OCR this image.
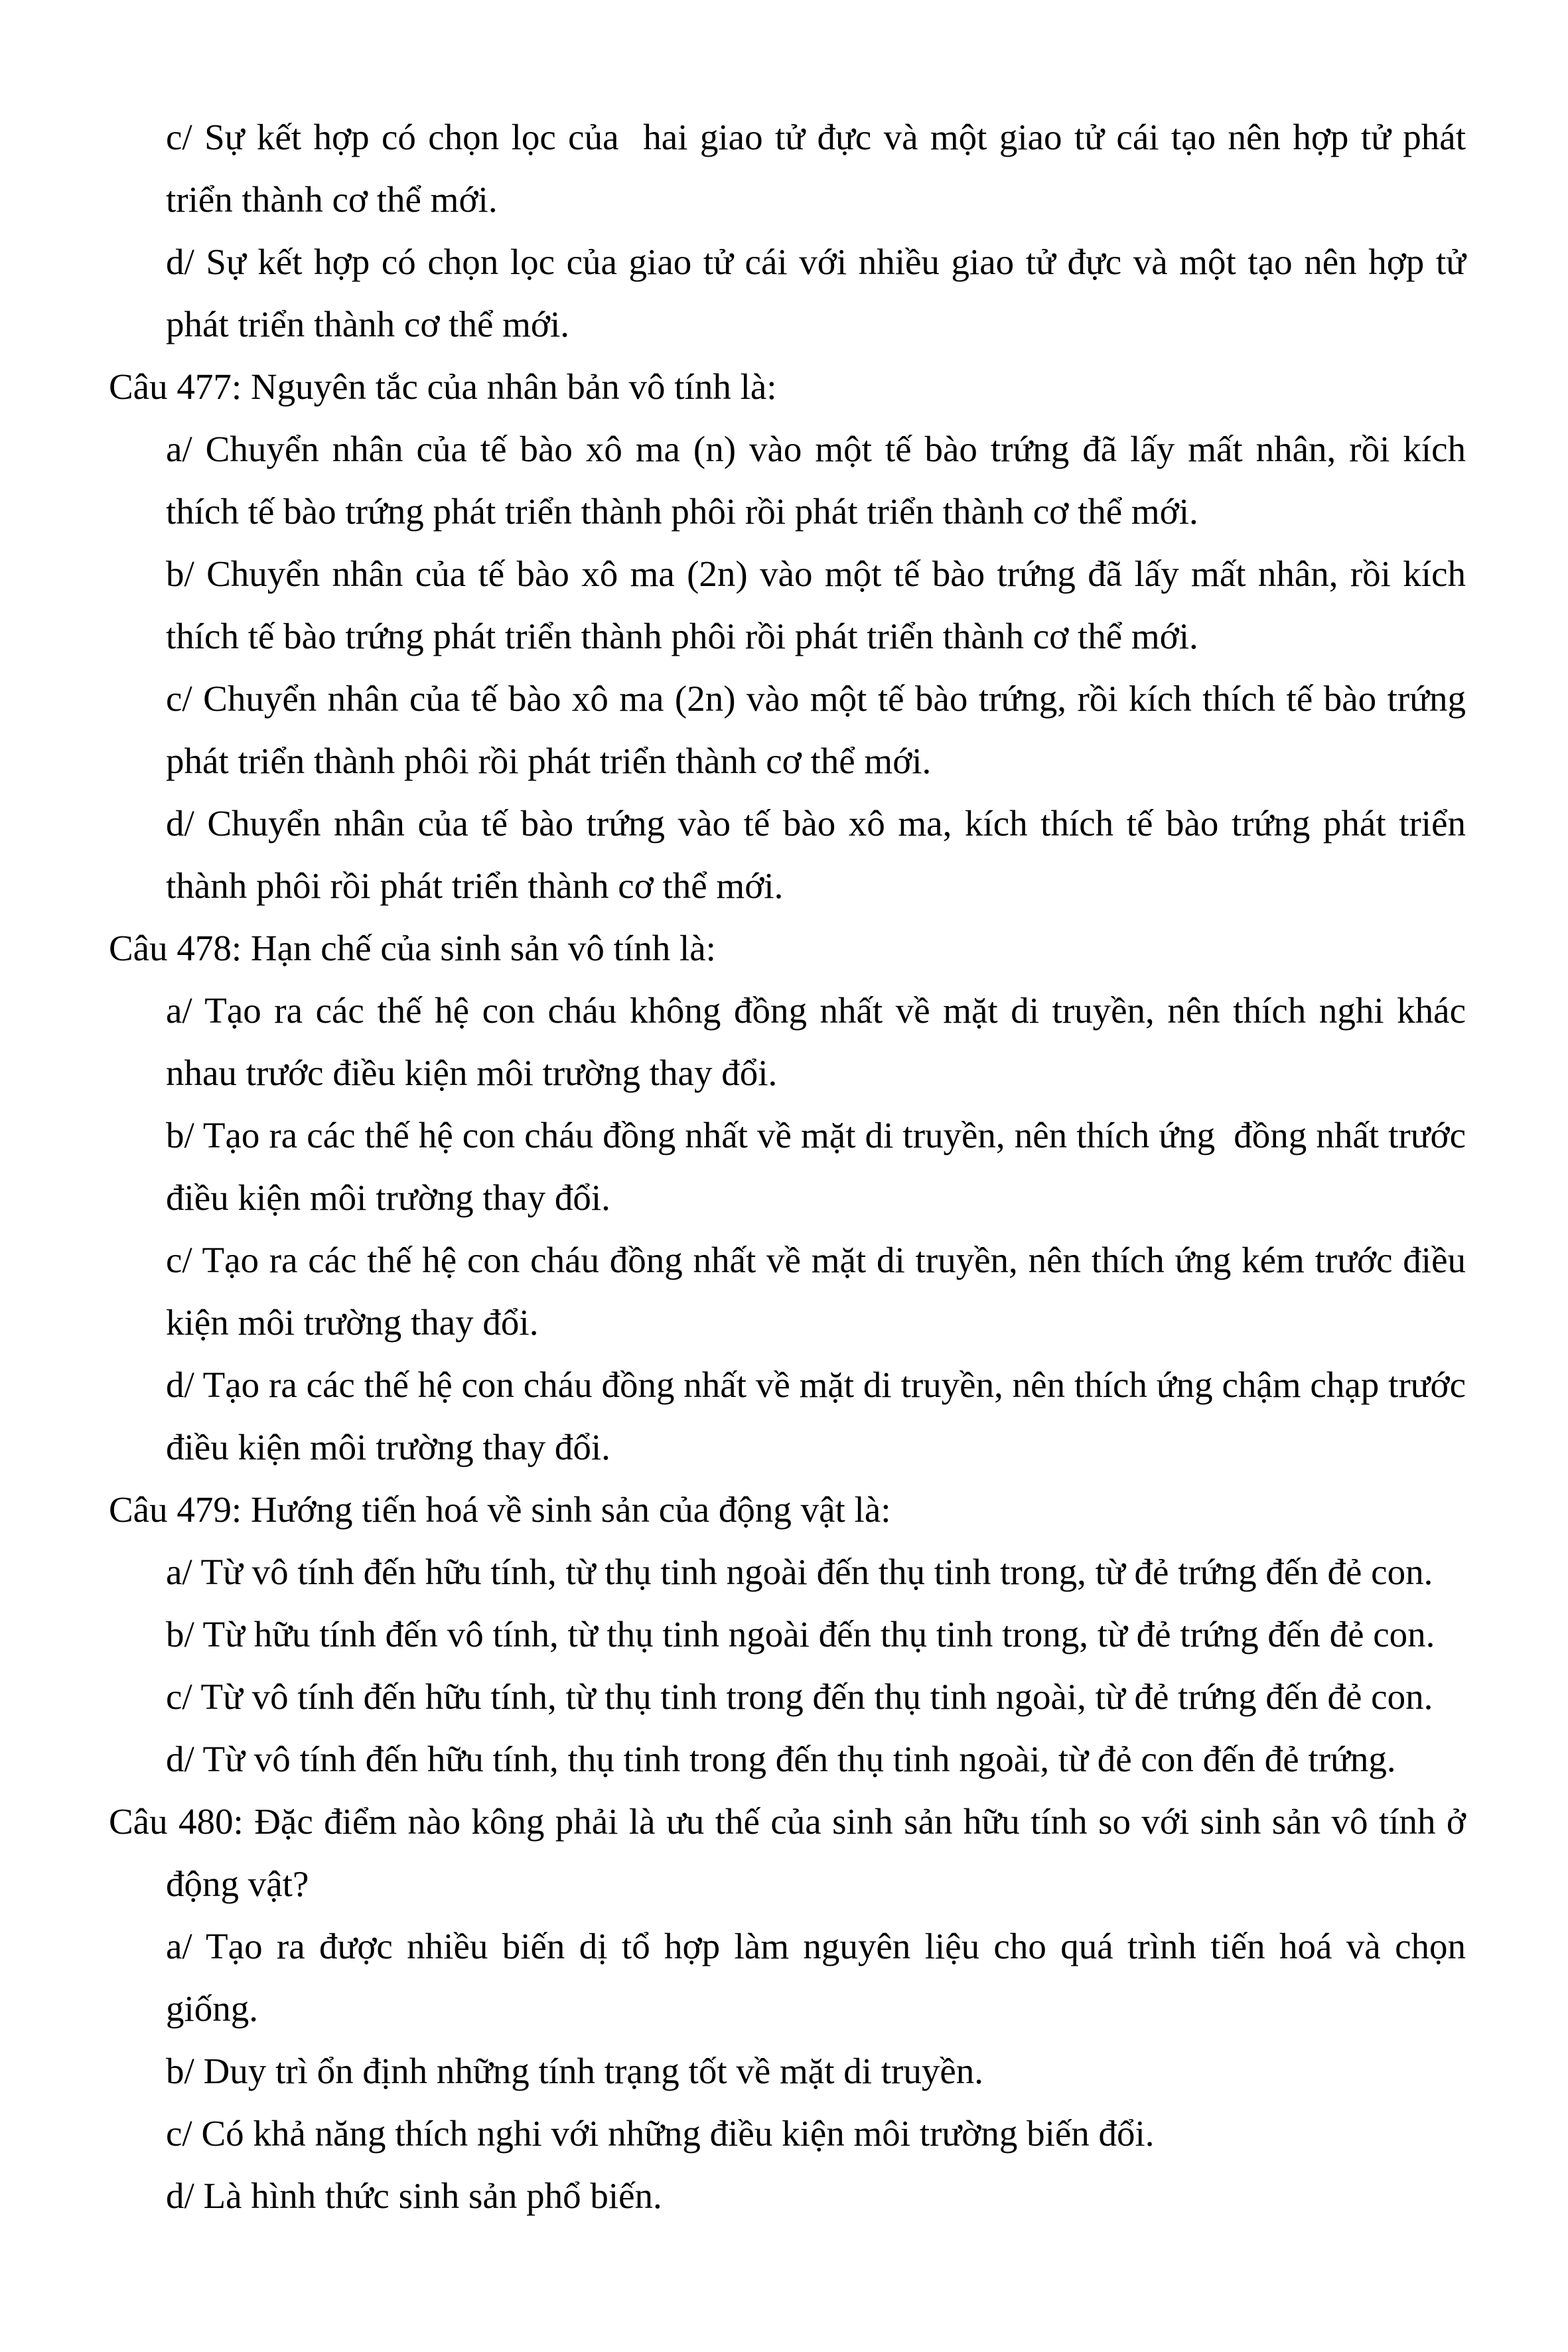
c/ Sự kết hợp có chọn lọc của  hai giao tử đực và một giao tử cái tạo nên hợp tử phát triển thành cơ thể mới.

d/ Sự kết hợp có chọn lọc của giao tử cái với nhiều giao tử đực và một tạo nên hợp tử phát triển thành cơ thể mới.

Câu 477: Nguyên tắc của nhân bản vô tính là:

a/ Chuyển nhân của tế bào xô ma (n) vào một tế bào trứng đã lấy mất nhân, rồi kích thích tế bào trứng phát triển thành phôi rồi phát triển thành cơ thể mới.

b/ Chuyển nhân của tế bào xô ma (2n) vào một tế bào trứng đã lấy mất nhân, rồi kích thích tế bào trứng phát triển thành phôi rồi phát triển thành cơ thể mới.

c/ Chuyển nhân của tế bào xô ma (2n) vào một tế bào trứng, rồi kích thích tế bào trứng phát triển thành phôi rồi phát triển thành cơ thể mới.

d/ Chuyển nhân của tế bào trứng vào tế bào xô ma, kích thích tế bào trứng phát triển thành phôi rồi phát triển thành cơ thể mới.

Câu 478: Hạn chế của sinh sản vô tính là:

a/ Tạo ra các thế hệ con cháu không đồng nhất về mặt di truyền, nên thích nghi khác nhau trước điều kiện môi trường thay đổi.

b/ Tạo ra các thế hệ con cháu đồng nhất về mặt di truyền, nên thích ứng  đồng nhất trước điều kiện môi trường thay đổi.

c/ Tạo ra các thế hệ con cháu đồng nhất về mặt di truyền, nên thích ứng kém trước điều kiện môi trường thay đổi.

d/ Tạo ra các thế hệ con cháu đồng nhất về mặt di truyền, nên thích ứng chậm chạp trước điều kiện môi trường thay đổi.

Câu 479: Hướng tiến hoá về sinh sản của động vật là:

a/ Từ vô tính đến hữu tính, từ thụ tinh ngoài đến thụ tinh trong, từ đẻ trứng đến đẻ con.

b/ Từ hữu tính đến vô tính, từ thụ tinh ngoài đến thụ tinh trong, từ đẻ trứng đến đẻ con.

c/ Từ vô tính đến hữu tính, từ thụ tinh trong đến thụ tinh ngoài, từ đẻ trứng đến đẻ con.

d/ Từ vô tính đến hữu tính, thụ tinh trong đến thụ tinh ngoài, từ đẻ con đến đẻ trứng.

Câu 480: Đặc điểm nào kông phải là ưu thế của sinh sản hữu tính so với sinh sản vô tính ở động vật?

a/ Tạo ra được nhiều biến dị tổ hợp làm nguyên liệu cho quá trình tiến hoá và chọn giống.

b/ Duy trì ổn định những tính trạng tốt về mặt di truyền.

c/ Có khả năng thích nghi với những điều kiện môi trường biến đổi.

d/ Là hình thức sinh sản phổ biến.
